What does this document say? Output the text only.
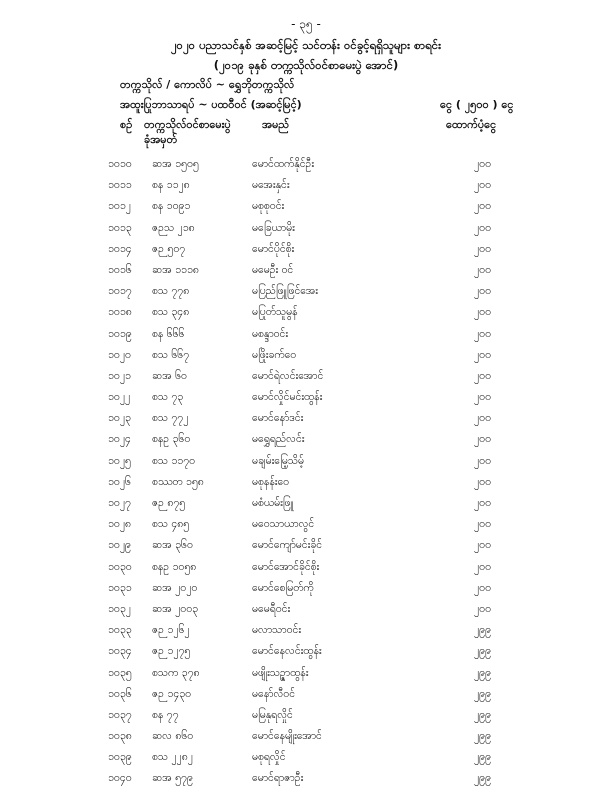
- ၃၅ -
၂၀၂၀ ပညာသင်နှစ် အဆင့်မြင့် သင်တန်း ဝင်ခွင့်ရရှိသူများ စာရင်း
(၂၀၁၉ ခုနှစ် တက္ကသိုလ်ဝင်စာမေးပွဲ အောင်)
တက္ကသိုလ် / ကောလိပ် ~ ရွှေဘိုတက္ကသိုလ်
အထူးပြုဘာသာရပ် ~ ပထဝီဝင် (အဆင့်မြင့်)	ငွေ ( ၂၅၀၀ ) ငွေ
စဉ် တက္ကသိုလ်ဝင်စာမေးပွဲ
ခုံအမှတ်
အမည်	ထောက်ပံ့ငွေ
၁၀၁၀ ဆအ ၁၅၀၅	မောင်ထက်နိုင်ဦး	၂၀၀
၁၀၁၁ စန ၁၁၂၈	မအေးနှင်း	၂၀၀
၁၀၁၂ စန ၁၀၉၁	မစုစုဝင်း	၂၀၀
၁၀၁၃ ဇဉသ ၂၁၈	မခြေယာမိုး	၂၀၀
၁၀၁၄ ဇဉ ၅၀၇	မောင်ပိုင်စိုး	၂၀၀
၁၀၁၆ ဆအ ၁၁၁၈	မမေဦး ဝင်	၂၀၀
၁၀၁၇ စသ ၇၇၈	မပြည်ဖြူဖြင်အေး	၂၀၀
၁၀၁၈ စသ ၃၄၈	မပြုတ်သူမွန်	၂၀၀
၁၀၁၉ စန ၆၆၆	မစန္ဒာဝင်း	၂၀၀
၁၀၂၀ စသ ၆၆၇	မဖြိုးခက်ဝေ	၂၀၀
၁၀၂၁ ဆအ ၆၀	မောင်ရဲလင်းအောင်	၂၀၀
၁၀၂၂ စသ ၇၃	မောင်လှိုင်မင်းထွန်း	၂၀၀
၁၀၂၃ စသ ၇၇၂	မောင်နော်ဒင်း	၂၀၀
၁၀၂၄ စနဥ ၃၆၀	မရွှေရည်လင်း	၂၀၀
၁၀၂၅ စသ ၁၁၇၀	မချမ်းမြေ့သိမ့်	၂၀၀
၁၀၂၆ စဿတ ၁၅၈	မစုနန်းဝေ	၂၀၀
၁၀၂၇ ဇဉ ၈၇၅	မစံယမ်းဖြူ	၂၀၀
၁၀၂၈ စသ ၄၈၅	မဝေသာယာလွင်	၂၀၀
၁၀၂၉ ဆအ ၃၆၀	မောင်ကျော်မင်းခိုင်	၂၀၀
၁၀၃၀ စနဥ ၁၀၅၈	မောင်အောင်ခိုင်စိုး	၂၀၀
၁၀၃၁ ဆအ ၂၀၂၀	မောင်စေမြတ်ကို	၂၀၀
၁၀၃၂ ဆအ ၂၀၀၃	မမေရီဝင်း	၂၀၀
၁၀၃၃ ဇဉ ၁၂၆၂	မလာသာဝင်း	၂၉၉
၁၀၃၄ ဇဉ ၁၂၇၅	မောင်နေလင်းထွန်း	၂၉၉
၁၀၃၅ စသက ၃၇၈	မဖျိုးသဉ္ဇာထွန်း	၂၉၉
၁၀၃၆ ဇဉ ၁၄၃၀	မနော်လီဝင်	၂၉၉
၁၀၃၇ စန ၇၇	မမြနုရလှိုင်	၂၉၉
၁၀၃၈ ဆလ ၈၆၀	မောင်နေမျိုးအောင်	၂၉၉
၁၀၃၉ စသ ၂၂၈၂	မစုရလှိုင်	၂၉၉
၁၀၄၀ ဆအ ၅၇၉	မောင်ရာဇာဦး	၂၉၉
